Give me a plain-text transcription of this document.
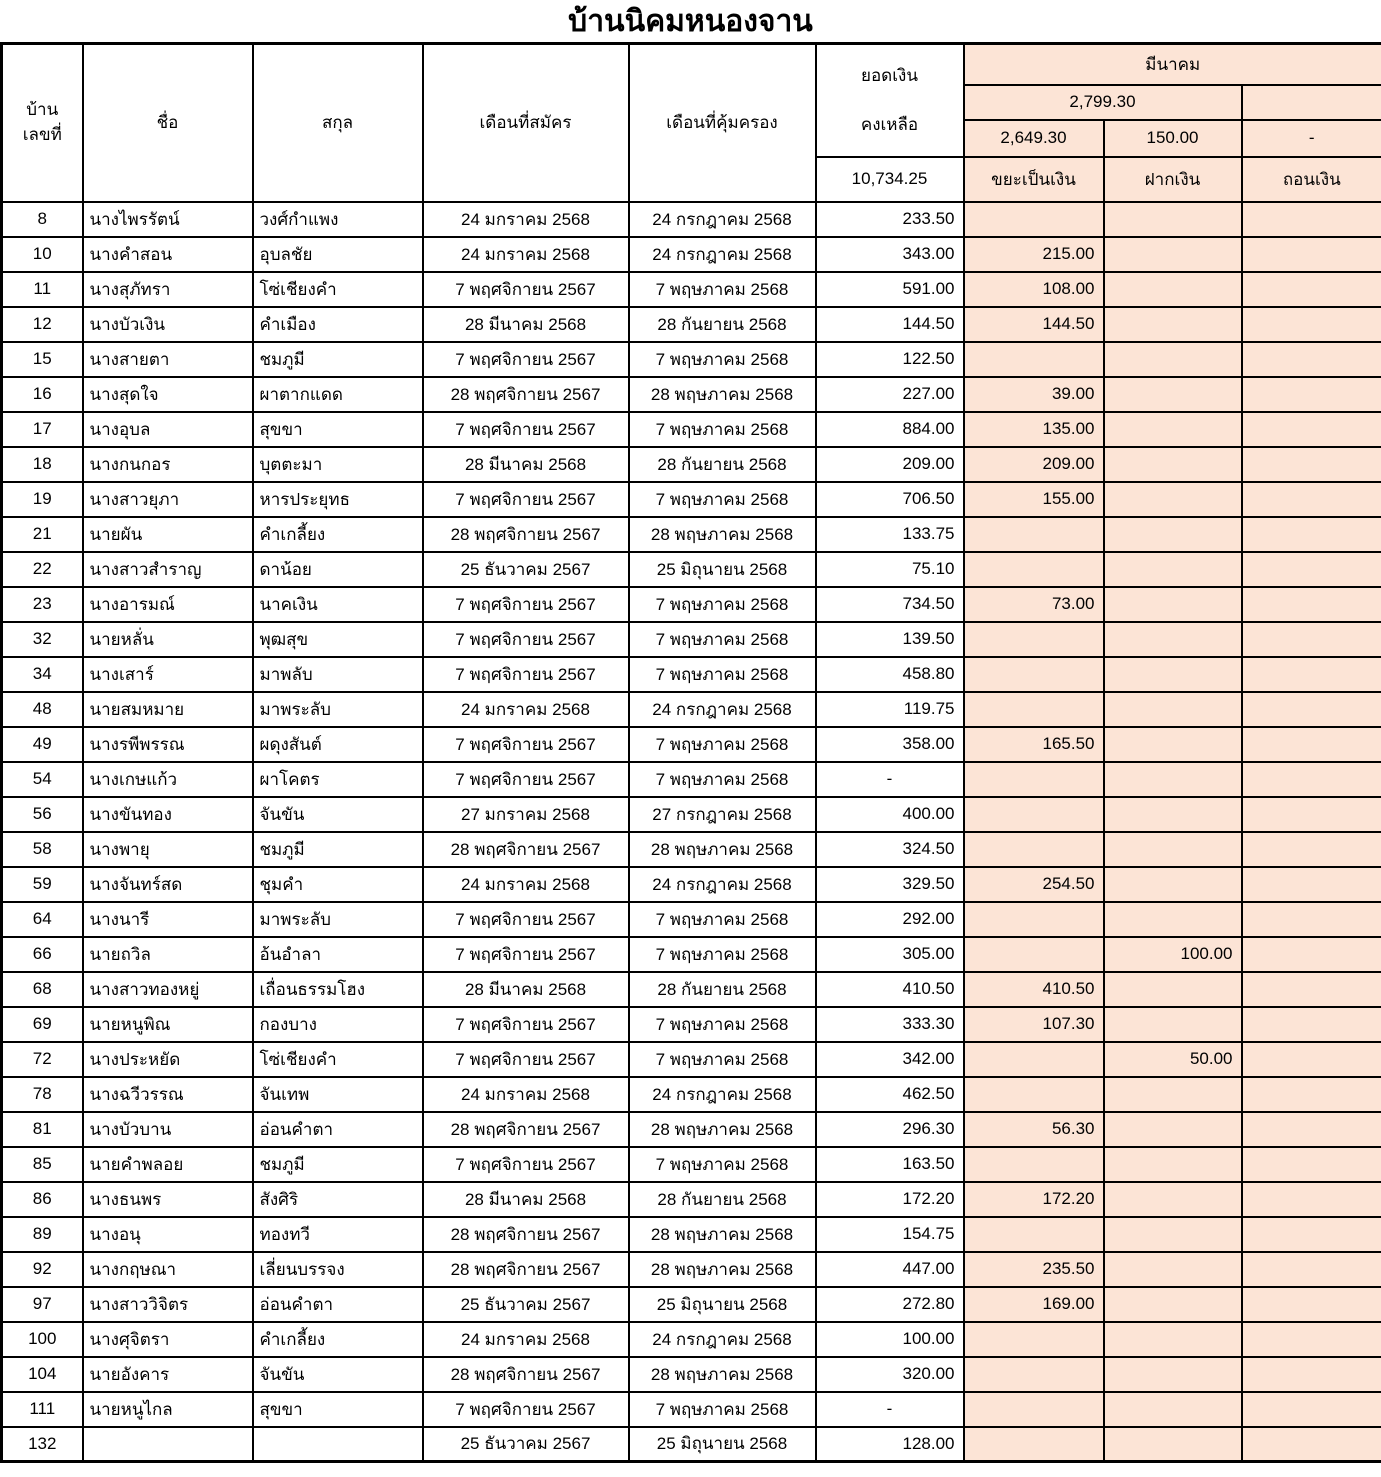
บ้านนิคมหนองจาน
บ้าน
เลขที่	ชื่อ	สกุล	เดือนที่สมัคร	เดือนที่คุ้มครอง	ยอดเงิน
คงเหลือ	มีนาคม		
						2,799.30		
						2,649.30	150.00	-
					10,734.25	ขยะเป็นเงิน	ฝากเงิน	ถอนเงิน
8	นางไพรรัตน์	วงศ์กำแพง	24 มกราคม 2568	24 กรกฎาคม 2568	233.50			
10	นางคำสอน	อุบลชัย	24 มกราคม 2568	24 กรกฎาคม 2568	343.00	215.00		
11	นางสุภัทรา	โซ่เชียงคำ	7 พฤศจิกายน 2567	7 พฤษภาคม 2568	591.00	108.00		
12	นางบัวเงิน	คำเมือง	28 มีนาคม 2568	28 กันยายน 2568	144.50	144.50		
15	นางสายตา	ชมภูมี	7 พฤศจิกายน 2567	7 พฤษภาคม 2568	122.50			
16	นางสุดใจ	ผาตากแดด	28 พฤศจิกายน 2567	28 พฤษภาคม 2568	227.00	39.00		
17	นางอุบล	สุขขา	7 พฤศจิกายน 2567	7 พฤษภาคม 2568	884.00	135.00		
18	นางกนกอร	บุตตะมา	28 มีนาคม 2568	28 กันยายน 2568	209.00	209.00		
19	นางสาวยุภา	หารประยุทธ	7 พฤศจิกายน 2567	7 พฤษภาคม 2568	706.50	155.00		
21	นายผัน	คำเกลี้ยง	28 พฤศจิกายน 2567	28 พฤษภาคม 2568	133.75			
22	นางสาวสำราญ	ดาน้อย	25 ธันวาคม 2567	25 มิถุนายน 2568	75.10			
23	นางอารมณ์	นาคเงิน	7 พฤศจิกายน 2567	7 พฤษภาคม 2568	734.50	73.00		
32	นายหลั่น	พุฒสุข	7 พฤศจิกายน 2567	7 พฤษภาคม 2568	139.50			
34	นางเสาร์	มาพลับ	7 พฤศจิกายน 2567	7 พฤษภาคม 2568	458.80			
48	นายสมหมาย	มาพระลับ	24 มกราคม 2568	24 กรกฎาคม 2568	119.75			
49	นางรพีพรรณ	ผดุงสันต์	7 พฤศจิกายน 2567	7 พฤษภาคม 2568	358.00	165.50		
54	นางเกษแก้ว	ผาโคตร	7 พฤศจิกายน 2567	7 พฤษภาคม 2568	-			
56	นางขันทอง	จันขัน	27 มกราคม 2568	27 กรกฎาคม 2568	400.00			
58	นางพายุ	ชมภูมี	28 พฤศจิกายน 2567	28 พฤษภาคม 2568	324.50			
59	นางจันทร์สด	ชุมคำ	24 มกราคม 2568	24 กรกฎาคม 2568	329.50	254.50		
64	นางนารี	มาพระลับ	7 พฤศจิกายน 2567	7 พฤษภาคม 2568	292.00			
66	นายถวิล	อ้นอำลา	7 พฤศจิกายน 2567	7 พฤษภาคม 2568	305.00		100.00	
68	นางสาวทองหยู่	เถื่อนธรรมโฮง	28 มีนาคม 2568	28 กันยายน 2568	410.50	410.50		
69	นายหนูพิณ	กองบาง	7 พฤศจิกายน 2567	7 พฤษภาคม 2568	333.30	107.30		
72	นางประหยัด	โซ่เชียงคำ	7 พฤศจิกายน 2567	7 พฤษภาคม 2568	342.00		50.00	
78	นางฉวีวรรณ	จันเทพ	24 มกราคม 2568	24 กรกฎาคม 2568	462.50			
81	นางบัวบาน	อ่อนคำตา	28 พฤศจิกายน 2567	28 พฤษภาคม 2568	296.30	56.30		
85	นายคำพลอย	ชมภูมี	7 พฤศจิกายน 2567	7 พฤษภาคม 2568	163.50			
86	นางธนพร	สังศิริ	28 มีนาคม 2568	28 กันยายน 2568	172.20	172.20		
89	นางอนุ	ทองทวี	28 พฤศจิกายน 2567	28 พฤษภาคม 2568	154.75			
92	นางกฤษณา	เลี่ยนบรรจง	28 พฤศจิกายน 2567	28 พฤษภาคม 2568	447.00	235.50		
97	นางสาววิจิตร	อ่อนคำตา	25 ธันวาคม 2567	25 มิถุนายน 2568	272.80	169.00		
100	นางศุจิตรา	คำเกลี้ยง	24 มกราคม 2568	24 กรกฎาคม 2568	100.00			
104	นายอังคาร	จันขัน	28 พฤศจิกายน 2567	28 พฤษภาคม 2568	320.00			
111	นายหนูไกล	สุขขา	7 พฤศจิกายน 2567	7 พฤษภาคม 2568	-			
132			25 ธันวาคม 2567	25 มิถุนายน 2568	128.00			
